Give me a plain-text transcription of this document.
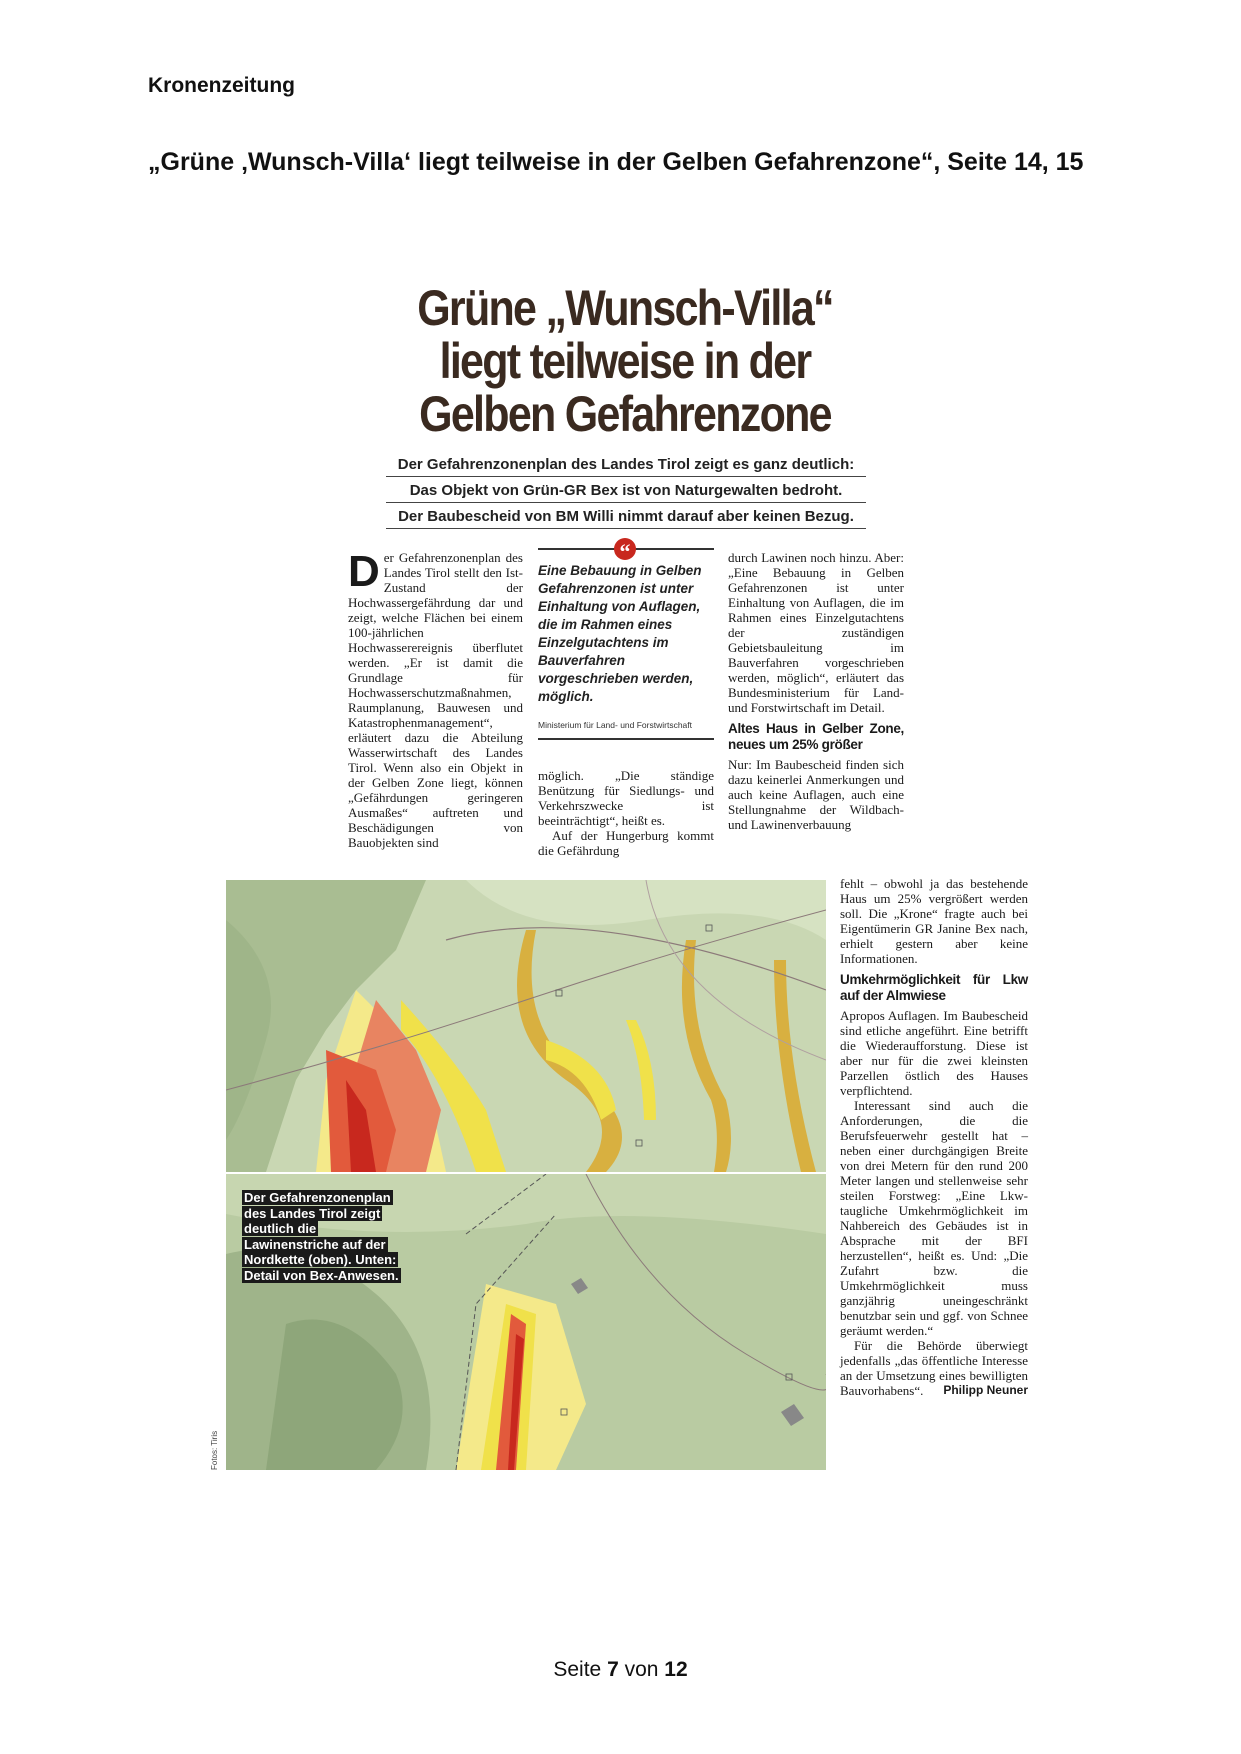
Kronenzeitung
„Grüne ‚Wunsch-Villa‘ liegt teilweise in der Gelben Gefahrenzone“, Seite 14, 15
Grüne „Wunsch-Villa“ liegt teilweise in der Gelben Gefahrenzone
Der Gefahrenzonenplan des Landes Tirol zeigt es ganz deutlich:
Das Objekt von Grün-GR Bex ist von Naturgewalten bedroht.
Der Baubescheid von BM Willi nimmt darauf aber keinen Bezug.
D er Gefahrenzonenplan des Landes Tirol stellt den Ist-Zustand der Hochwassergefährdung dar und zeigt, welche Flächen bei einem 100-jährlichen Hochwasserereignis überflutet werden. „Er ist damit die Grundlage für Hochwasserschutzmaßnahmen, Raumplanung, Bauwesen und Katastrophenmanagement“, erläutert dazu die Abteilung Wasserwirtschaft des Landes Tirol. Wenn also ein Objekt in der Gelben Zone liegt, können „Gefährdungen geringeren Ausmaßes“ auftreten und Beschädigungen von Bauobjekten sind
“
Eine Bebauung in Gelben Gefahrenzonen ist unter Einhaltung von Auflagen, die im Rahmen eines Einzelgutachtens im Bauverfahren vorgeschrieben werden, möglich.
Ministerium für Land- und Forstwirtschaft

möglich. „Die ständige Benützung für Siedlungs- und Verkehrszwecke ist beeinträchtigt“, heißt es.

Auf der Hungerburg kommt die Gefährdung

durch Lawinen noch hinzu. Aber: „Eine Bebauung in Gelben Gefahrenzonen ist unter Einhaltung von Auflagen, die im Rahmen eines Einzelgutachtens der zuständigen Gebietsbauleitung im Bauverfahren vorgeschrieben werden, möglich“, erläutert das Bundesministerium für Land- und Forstwirtschaft im Detail.

Altes Haus in Gelber Zone, neues um 25% größer

Nur: Im Baubescheid finden sich dazu keinerlei Anmerkungen und auch keine Auflagen, auch eine Stellungnahme der Wildbach- und Lawinenverbauung

Der Gefahrenzonenplan des Landes Tirol zeigt deutlich die Lawinenstriche auf der Nordkette (oben). Unten: Detail von Bex-Anwesen.
Fotos: Tiris

fehlt – obwohl ja das bestehende Haus um 25% vergrößert werden soll. Die „Krone“ fragte auch bei Eigentümerin GR Janine Bex nach, erhielt gestern aber keine Informationen.

Umkehrmöglichkeit für Lkw auf der Almwiese

Apropos Auflagen. Im Baubescheid sind etliche angeführt. Eine betrifft die Wiederaufforstung. Diese ist aber nur für die zwei kleinsten Parzellen östlich des Hauses verpflichtend.

Interessant sind auch die Anforderungen, die die Berufsfeuerwehr gestellt hat – neben einer durchgängigen Breite von drei Metern für den rund 200 Meter langen und stellenweise sehr steilen Forstweg: „Eine Lkw-taugliche Umkehrmöglichkeit im Nahbereich des Gebäudes ist in Absprache mit der BFI herzustellen“, heißt es. Und: „Die Zufahrt bzw. die Umkehrmöglichkeit muss ganzjährig uneingeschränkt benutzbar sein und ggf. von Schnee geräumt werden.“

Für die Behörde überwiegt jedenfalls „das öffentliche Interesse an der Umsetzung eines bewilligten Bauvorhabens“.	Philipp Neuner

Seite 7 von 12
